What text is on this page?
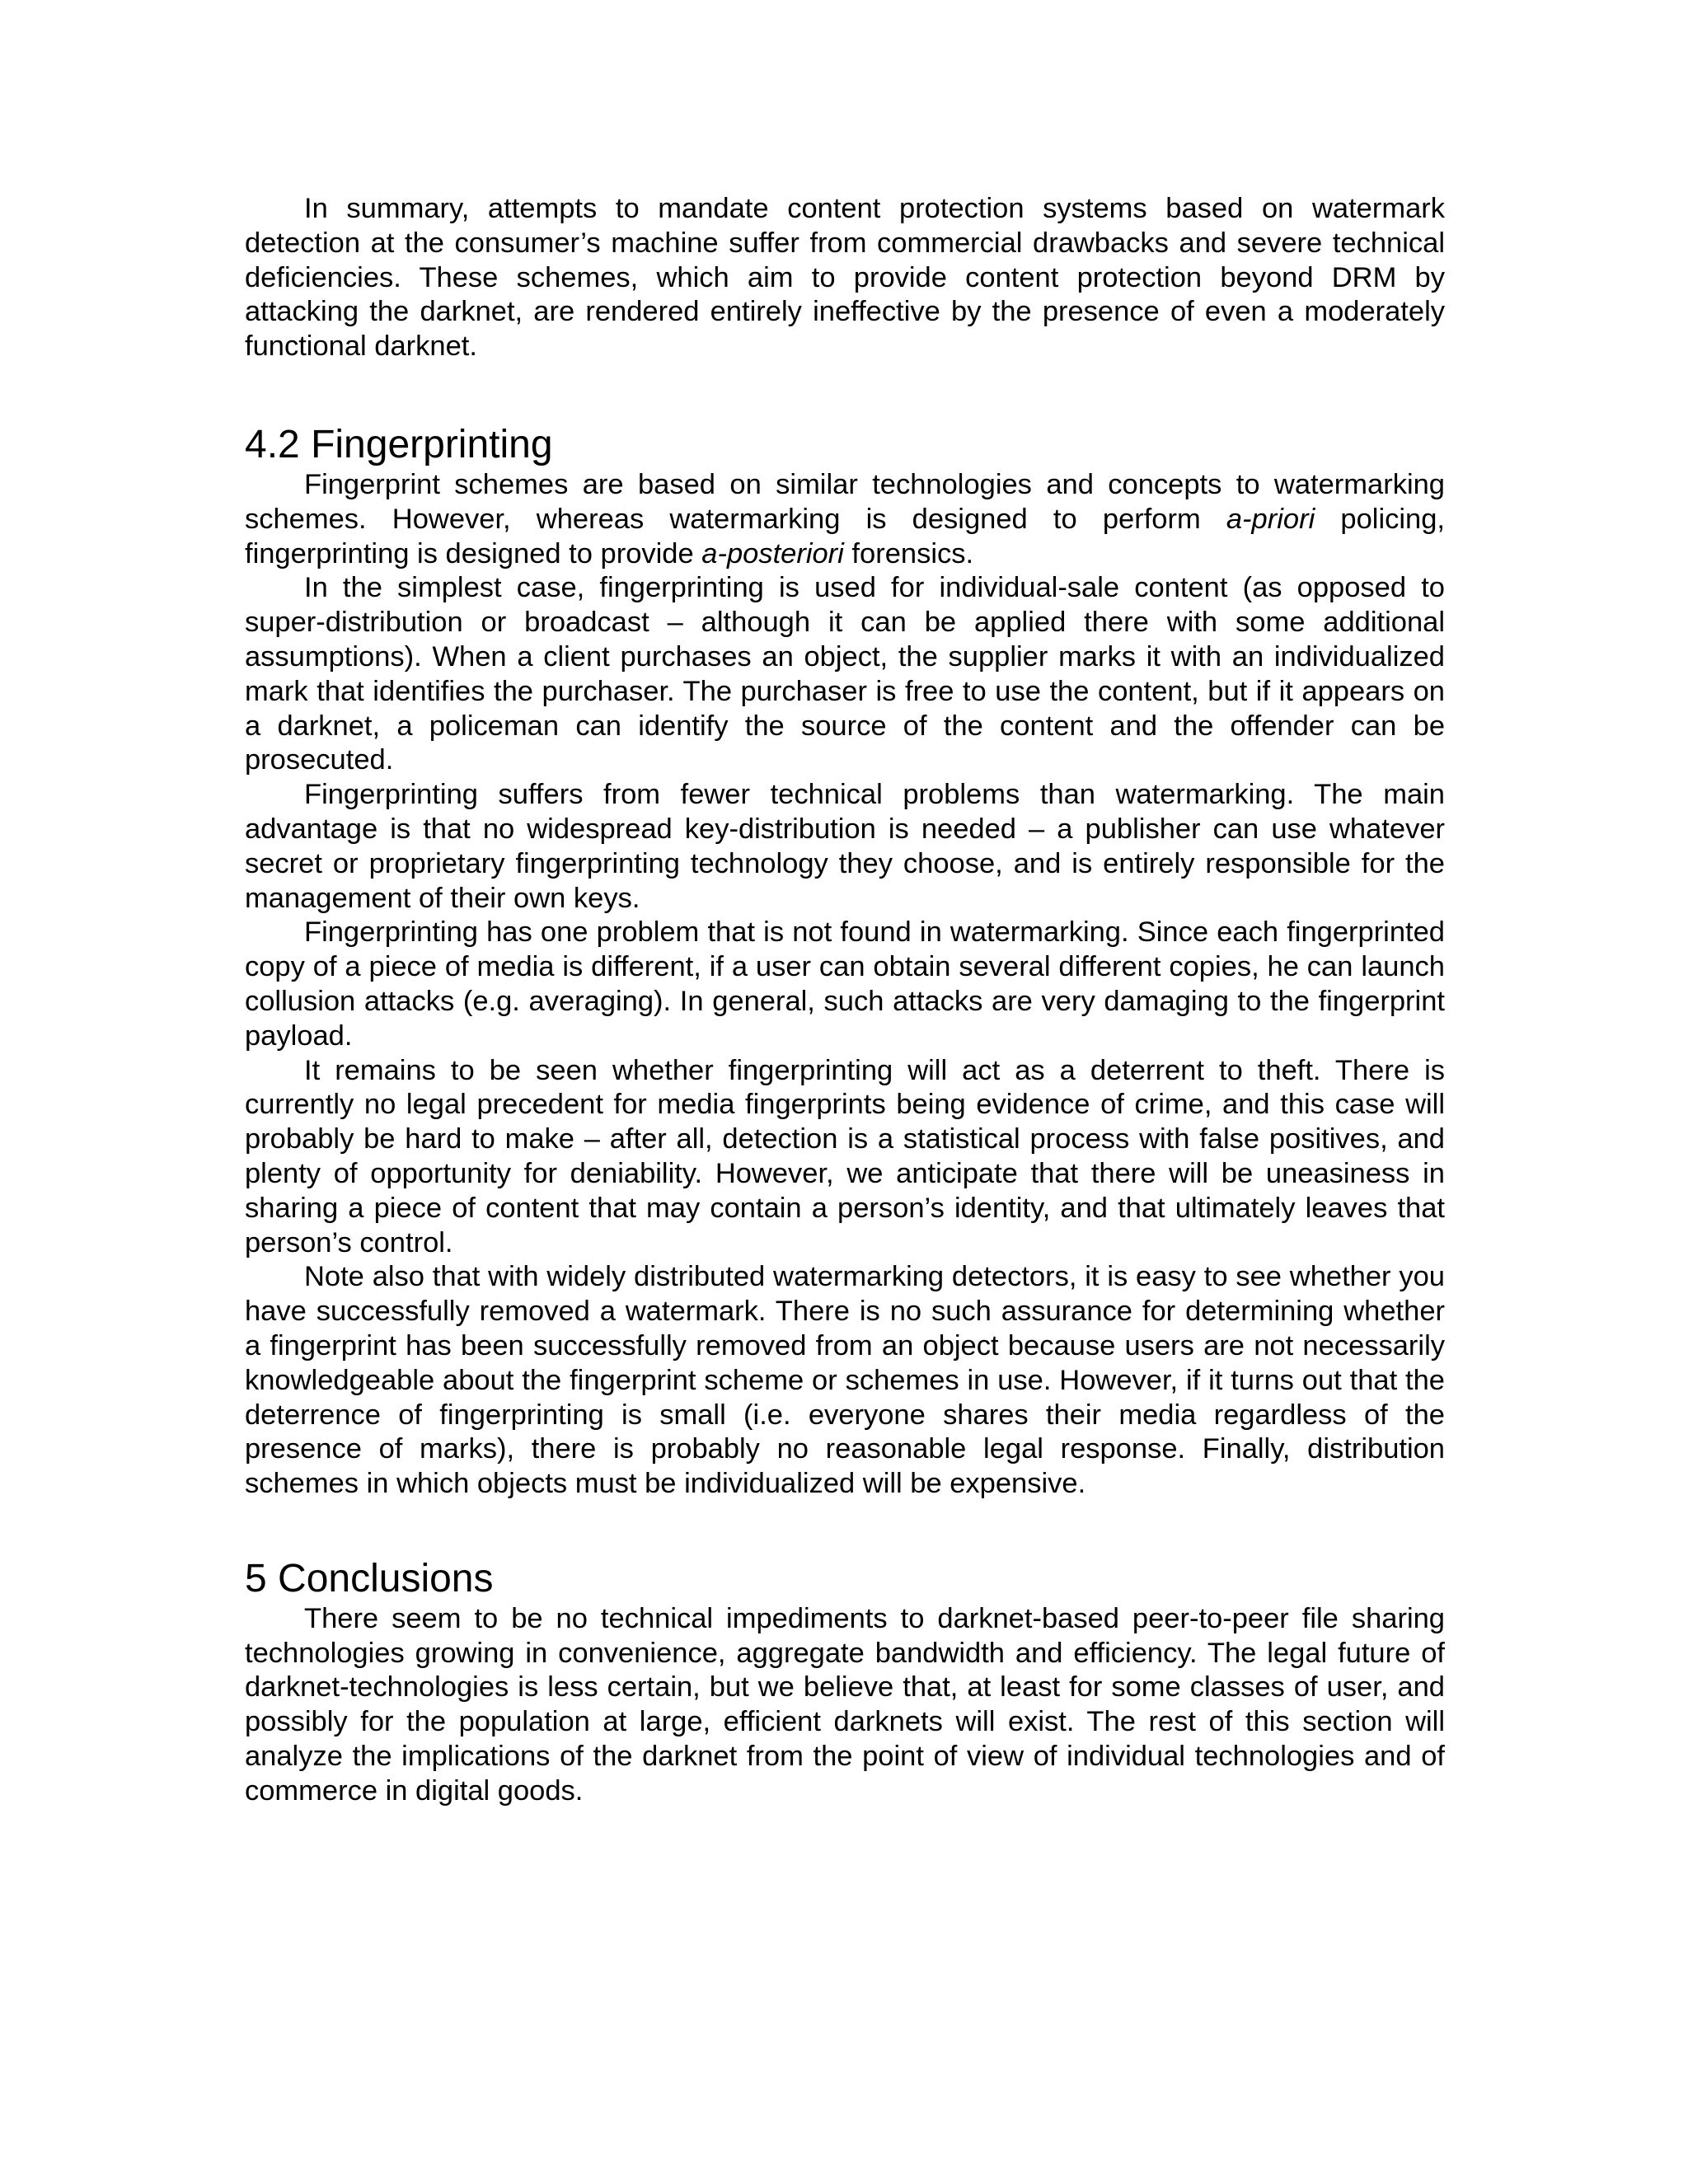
In summary, attempts to mandate content protection systems based on watermark detection at the consumer’s machine suffer from commercial drawbacks and severe technical deficiencies. These schemes, which aim to provide content protection beyond DRM by attacking the darknet, are rendered entirely ineffective by the presence of even a moderately functional darknet.

4.2 Fingerprinting

Fingerprint schemes are based on similar technologies and concepts to watermarking schemes. However, whereas watermarking is designed to perform a-priori policing, fingerprinting is designed to provide a-posteriori forensics.

In the simplest case, fingerprinting is used for individual-sale content (as opposed to super-distribution or broadcast – although it can be applied there with some additional assumptions). When a client purchases an object, the supplier marks it with an individualized mark that identifies the purchaser. The purchaser is free to use the content, but if it appears on a darknet, a policeman can identify the source of the content and the offender can be prosecuted.

Fingerprinting suffers from fewer technical problems than watermarking. The main advantage is that no widespread key-distribution is needed – a publisher can use whatever secret or proprietary fingerprinting technology they choose, and is entirely responsible for the management of their own keys.

Fingerprinting has one problem that is not found in watermarking. Since each fingerprinted copy of a piece of media is different, if a user can obtain several different copies, he can launch collusion attacks (e.g. averaging). In general, such attacks are very damaging to the fingerprint payload.

It remains to be seen whether fingerprinting will act as a deterrent to theft. There is currently no legal precedent for media fingerprints being evidence of crime, and this case will probably be hard to make – after all, detection is a statistical process with false positives, and plenty of opportunity for deniability. However, we anticipate that there will be uneasiness in sharing a piece of content that may contain a person’s identity, and that ultimately leaves that person’s control.

Note also that with widely distributed watermarking detectors, it is easy to see whether you have successfully removed a watermark. There is no such assurance for determining whether a fingerprint has been successfully removed from an object because users are not necessarily knowledgeable about the fingerprint scheme or schemes in use. However, if it turns out that the deterrence of fingerprinting is small (i.e. everyone shares their media regardless of the presence of marks), there is probably no reasonable legal response. Finally, distribution schemes in which objects must be individualized will be expensive.

5 Conclusions

There seem to be no technical impediments to darknet-based peer-to-peer file sharing technologies growing in convenience, aggregate bandwidth and efficiency. The legal future of darknet-technologies is less certain, but we believe that, at least for some classes of user, and possibly for the population at large, efficient darknets will exist. The rest of this section will analyze the implications of the darknet from the point of view of individual technologies and of commerce in digital goods.
